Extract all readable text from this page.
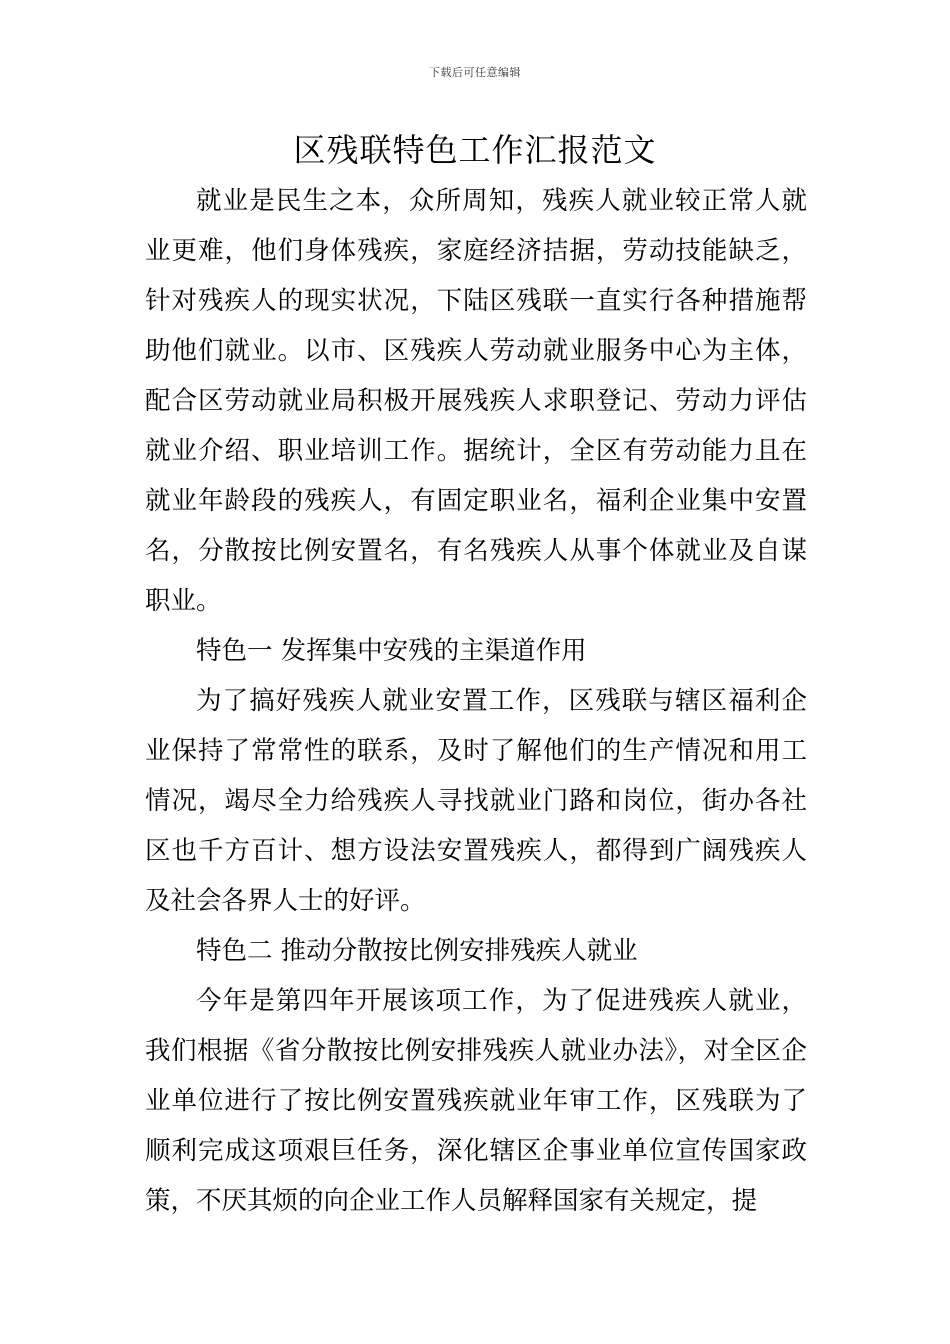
下载后可任意编辑
区残联特色工作汇报范文

就业是民生之本，众所周知，残疾人就业较正常人就业更难，他们身体残疾，家庭经济拮据，劳动技能缺乏，针对残疾人的现实状况，下陆区残联一直实行各种措施帮助他们就业。以市、区残疾人劳动就业服务中心为主体，配合区劳动就业局积极开展残疾人求职登记、劳动力评估就业介绍、职业培训工作。据统计，全区有劳动能力且在就业年龄段的残疾人，有固定职业名，福利企业集中安置名，分散按比例安置名，有名残疾人从事个体就业及自谋职业。

特色一 发挥集中安残的主渠道作用

为了搞好残疾人就业安置工作，区残联与辖区福利企业保持了常常性的联系，及时了解他们的生产情况和用工情况，竭尽全力给残疾人寻找就业门路和岗位，街办各社区也千方百计、想方设法安置残疾人，都得到广阔残疾人及社会各界人士的好评。

特色二 推动分散按比例安排残疾人就业

今年是第四年开展该项工作，为了促进残疾人就业，我们根据《省分散按比例安排残疾人就业办法》，对全区企业单位进行了按比例安置残疾就业年审工作，区残联为了顺利完成这项艰巨任务，深化辖区企事业单位宣传国家政策，不厌其烦的向企业工作人员解释国家有关规定，提
